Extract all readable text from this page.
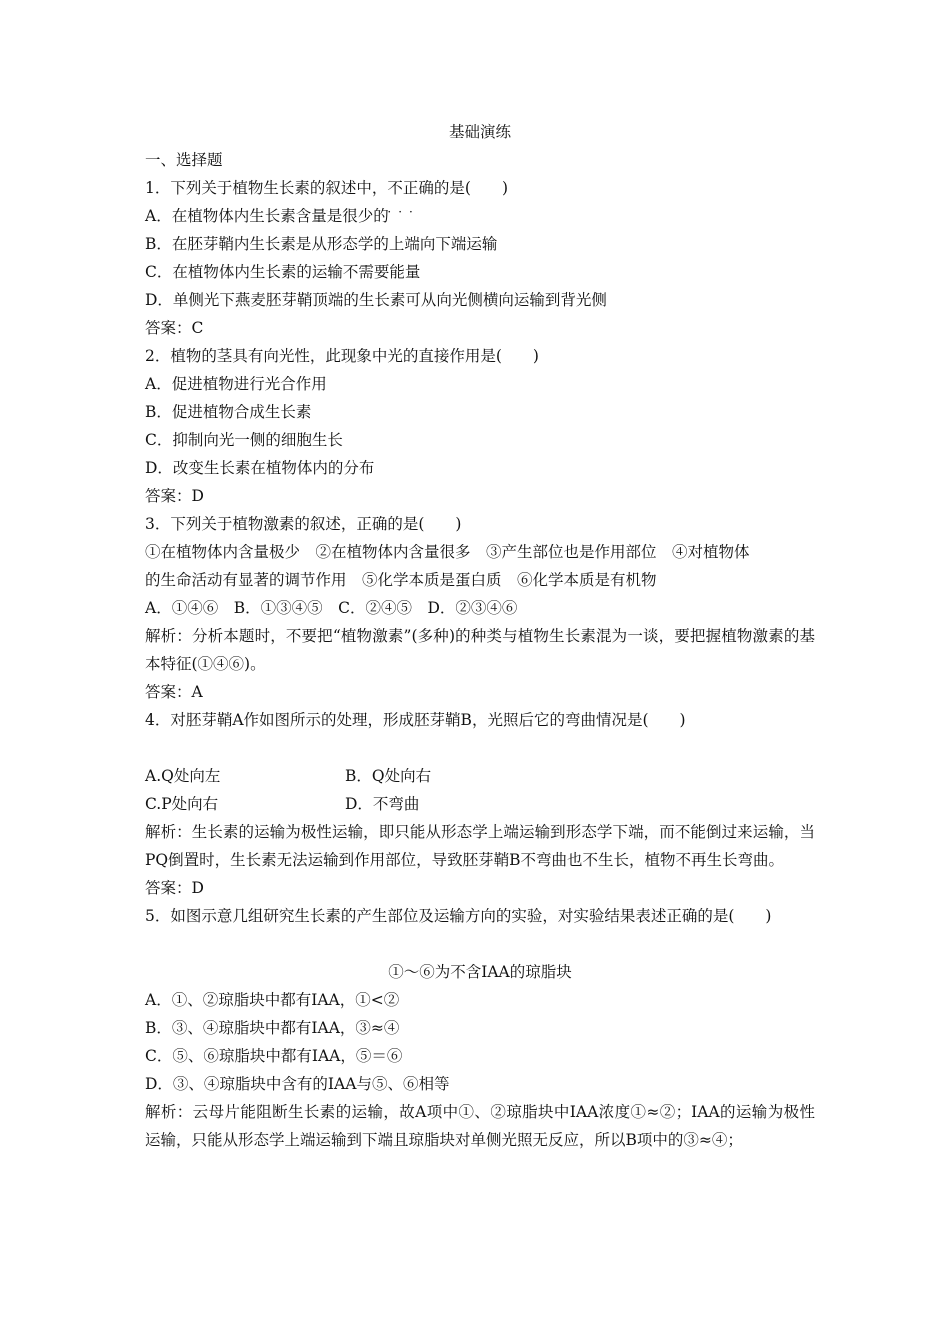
基础演练
一、选择题
1．下列关于植物生长素的叙述中，不正确
···
的是(　　)
A．在植物体内生长素含量是很少的
B．在胚芽鞘内生长素是从形态学的上端向下端运输
C．在植物体内生长素的运输不需要能量
D．单侧光下燕麦胚芽鞘顶端的生长素可从向光侧横向运输到背光侧
答案：C
2．植物的茎具有向光性，此现象中光的直接作用是(　　)
A．促进植物进行光合作用
B．促进植物合成生长素
C．抑制向光一侧的细胞生长
D．改变生长素在植物体内的分布
答案：D
3．下列关于植物激素的叙述，正确的是(　　)
①在植物体内含量极少　②在植物体内含量很多　③产生部位也是作用部位　④对植物体
的生命活动有显著的调节作用　⑤化学本质是蛋白质　⑥化学本质是有机物
A．①④⑥　B．①③④⑤　C．②④⑤　D．②③④⑥
解析：分析本题时，不要把“植物激素”(多种)的种类与植物生长素混为一谈，要把握植物激素的基本特征(①④⑥)。
答案：A
4．对胚芽鞘A作如图所示的处理，形成胚芽鞘B，光照后它的弯曲情况是(　　)
A.Q处向左	B．Q处向右
C.P处向右	D．不弯曲
解析：生长素的运输为极性运输，即只能从形态学上端运输到形态学下端，而不能倒过来运输，当PQ倒置时，生长素无法运输到作用部位，导致胚芽鞘B不弯曲也不生长，植物不再生长弯曲。
答案：D
5．如图示意几组研究生长素的产生部位及运输方向的实验，对实验结果表述正确的是(　　)
①～⑥为不含IAA的琼脂块
A．①、②琼脂块中都有IAA，①<②
B．③、④琼脂块中都有IAA，③≈④
C．⑤、⑥琼脂块中都有IAA，⑤＝⑥
D．③、④琼脂块中含有的IAA与⑤、⑥相等
解析：云母片能阻断生长素的运输，故A项中①、②琼脂块中IAA浓度①≈②；IAA的运输为极性运输，只能从形态学上端运输到下端且琼脂块对单侧光照无反应，所以B项中的③≈④；
